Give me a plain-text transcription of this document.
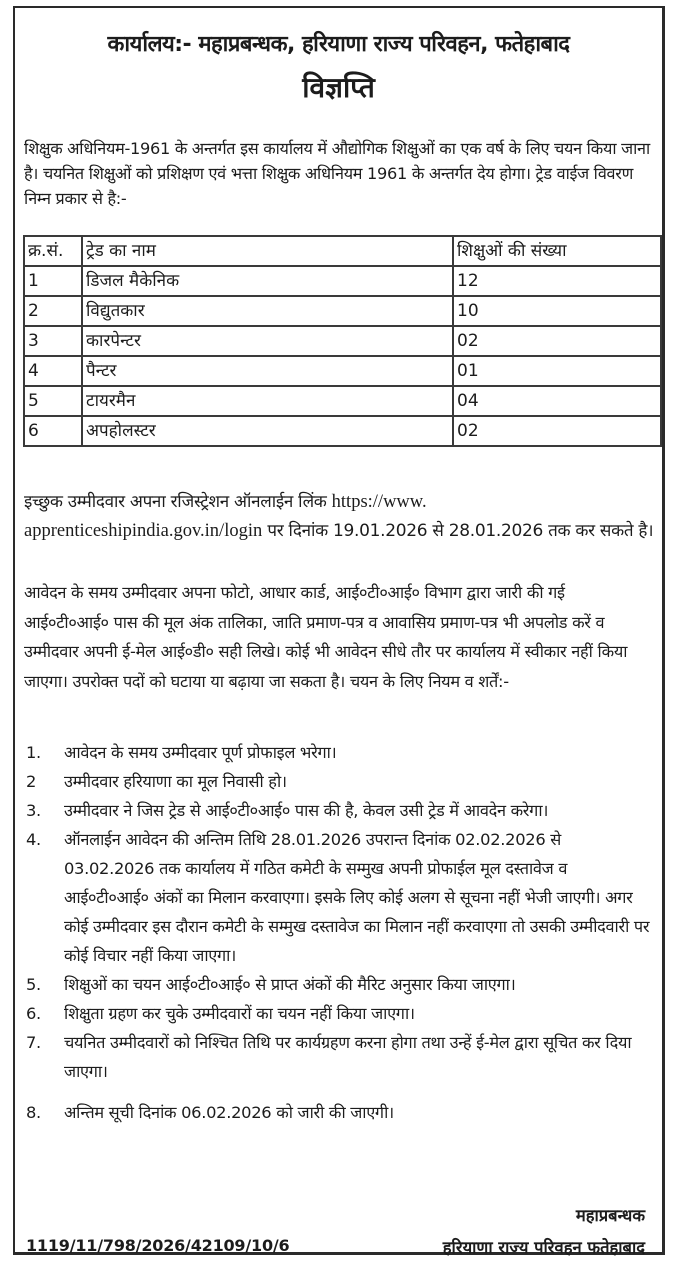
कार्यालय:- महाप्रबन्धक, हरियाणा राज्य परिवहन, फतेहाबाद
विज्ञप्ति
शिक्षुक अधिनियम-1961 के अन्तर्गत इस कार्यालय में औद्योगिक शिक्षुओं का एक वर्ष के लिए चयन किया जाना है। चयनित शिक्षुओं को प्रशिक्षण एवं भत्ता शिक्षुक अधिनियम 1961 के अन्तर्गत देय होगा। ट्रेड वाईज विवरण निम्न प्रकार से है:-
क्र.सं.	ट्रेड का नाम	शिक्षुओं की संख्या
1	डिजल मैकेनिक	12
2	विद्युतकार	10
3	कारपेन्टर	02
4	पैन्टर	01
5	टायरमैन	04
6	अपहोलस्टर	02
इच्छुक उम्मीदवार अपना रजिस्ट्रेशन ऑनलाईन लिंक https://www.
apprenticeshipindia.gov.in/login पर दिनांक 19.01.2026 से 28.01.2026 तक कर सकते है।
आवेदन के समय उम्मीदवार अपना फोटो, आधार कार्ड, आई०टी०आई० विभाग द्वारा जारी की गई आई०टी०आई० पास की मूल अंक तालिका, जाति प्रमाण-पत्र व आवासिय प्रमाण-पत्र भी अपलोड करें व उम्मीदवार अपनी ई-मेल आई०डी० सही लिखे। कोई भी आवेदन सीधे तौर पर कार्यालय में स्वीकार नहीं किया जाएगा। उपरोक्त पदों को घटाया या बढ़ाया जा सकता है। चयन के लिए नियम व शर्तें:-
1. आवेदन के समय उम्मीदवार पूर्ण प्रोफाइल भरेगा।
2 उम्मीदवार हरियाणा का मूल निवासी हो।
3. उम्मीदवार ने जिस ट्रेड से आई०टी०आई० पास की है, केवल उसी ट्रेड में आवदेन करेगा।
4. ऑनलाईन आवेदन की अन्तिम तिथि 28.01.2026 उपरान्त दिनांक 02.02.2026 से 03.02.2026 तक कार्यालय में गठित कमेटी के सम्मुख अपनी प्रोफाईल मूल दस्तावेज व आई०टी०आई० अंकों का मिलान करवाएगा। इसके लिए कोई अलग से सूचना नहीं भेजी जाएगी। अगर कोई उम्मीदवार इस दौरान कमेटी के सम्मुख दस्तावेज का मिलान नहीं करवाएगा तो उसकी उम्मीदवारी पर कोई विचार नहीं किया जाएगा।
5. शिक्षुओं का चयन आई०टी०आई० से प्राप्त अंकों की मैरिट अनुसार किया जाएगा।
6. शिक्षुता ग्रहण कर चुके उम्मीदवारों का चयन नहीं किया जाएगा।
7. चयनित उम्मीदवारों को निश्चित तिथि पर कार्यग्रहण करना होगा तथा उन्हें ई-मेल द्वारा सूचित कर दिया जाएगा।
8. अन्तिम सूची दिनांक 06.02.2026 को जारी की जाएगी।
महाप्रबन्धक
1119/11/798/2026/42109/10/6	हरियाणा राज्य परिवहन फतेहाबाद
